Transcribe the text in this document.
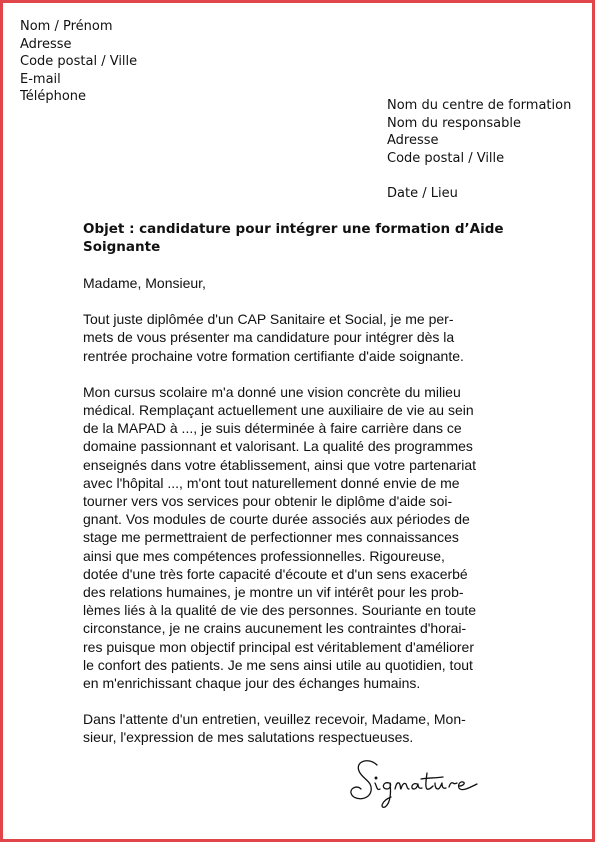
Nom / Prénom
Adresse
Code postal / Ville
E-mail
Téléphone
Nom du centre de formation
Nom du responsable
Adresse
Code postal / Ville
Date / Lieu
Objet : candidature pour intégrer une formation d’Aide
Soignante

Madame, Monsieur,

Tout juste diplômée d'un CAP Sanitaire et Social, je me per-
mets de vous présenter ma candidature pour intégrer dès la
rentrée prochaine votre formation certifiante d'aide soignante.

Mon cursus scolaire m'a donné une vision concrète du milieu
médical. Remplaçant actuellement une auxiliaire de vie au sein
de la MAPAD à ..., je suis déterminée à faire carrière dans ce
domaine passionnant et valorisant. La qualité des programmes
enseignés dans votre établissement, ainsi que votre partenariat
avec l'hôpital ..., m'ont tout naturellement donné envie de me
tourner vers vos services pour obtenir le diplôme d'aide soi-
gnant. Vos modules de courte durée associés aux périodes de
stage me permettraient de perfectionner mes connaissances
ainsi que mes compétences professionnelles. Rigoureuse,
dotée d'une très forte capacité d'écoute et d'un sens exacerbé
des relations humaines, je montre un vif intérêt pour les prob-
lèmes liés à la qualité de vie des personnes. Souriante en toute
circonstance, je ne crains aucunement les contraintes d'horai-
res puisque mon objectif principal est véritablement d'améliorer
le confort des patients. Je me sens ainsi utile au quotidien, tout
en m'enrichissant chaque jour des échanges humains.

Dans l'attente d'un entretien, veuillez recevoir, Madame, Mon-
sieur, l'expression de mes salutations respectueuses.
